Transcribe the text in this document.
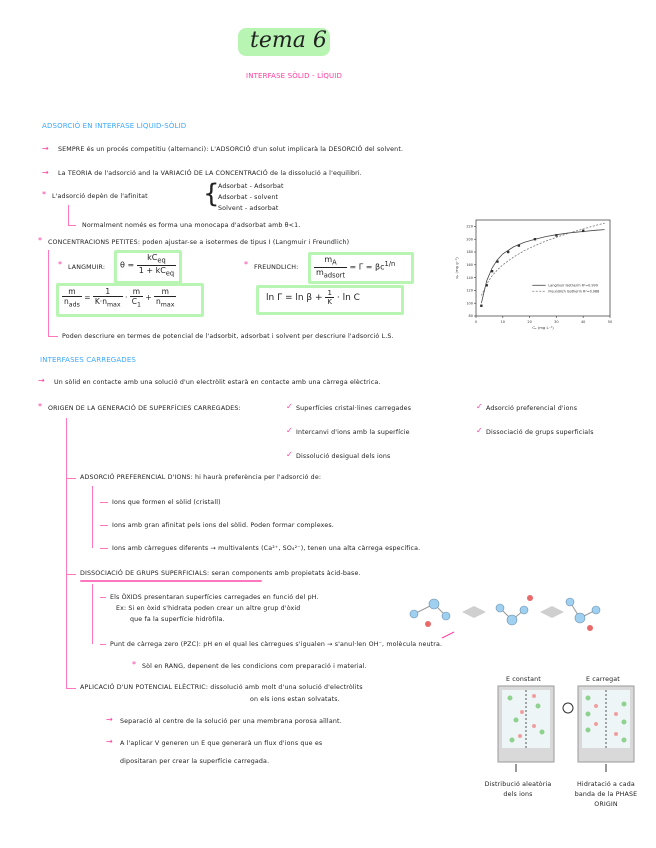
tema 6
INTERFASE SÒLID - LÍQUID
ADSORCIÓ EN INTERFASE LÍQUID-SÒLID
→ SEMPRE és un procés competitiu (alternanci): L'ADSORCIÓ d'un solut implicarà la DESORCIÓ del solvent.
→ La TEORIA de l'adsorció and la VARIACIÓ DE LA CONCENTRACIÓ de la dissolució a l'equilibri.
* L'adsorció depèn de l'afinitat {
Adsorbat - Adsorbat
Adsorbat - solvent
Solvent - adsorbat
Normalment només es forma una monocapa d'adsorbat amb θ<1.
* CONCENTRACIONS PETITES: poden ajustar-se a isotermes de tipus I (Langmuir i Freundlich)
* LANGMUIR: $\theta = \frac{kC_{eq}}{1 + kC_{eq}}$
$\frac{m}{n_{ads}} = \frac{1}{K\cdot n_{max}} \cdot \frac{m}{C_1} + \frac{m}{n_{max}}$
* FREUNDLICH: $\frac{m_A}{m_{adsort}} = \Gamma = \beta c^{1/n}$
$\ln \Gamma = \ln \beta + \frac{1}{K} \cdot \ln C$
0	10	20	30	40	50
80
100
120
140
160
180
200
220
Cₑ (mg L⁻¹)
qₑ (mg g⁻¹)
Langmuir Isotherm R²=0.999
Freundlich Isotherm R²=0.988
Poden descriure en termes de potencial de l'adsorbit, adsorbat i solvent per descriure l'adsorció L.S.
INTERFASES CARREGADES
→ Un sòlid en contacte amb una solució d'un electròlit estarà en contacte amb una càrrega elèctrica.
* ORIGEN DE LA GENERACIÓ DE SUPERFÍCIES CARREGADES:	✓ Superfícies cristal·lines carregades	✓ Adsorció preferencial d'ions
✓ Intercanvi d'ions amb la superfície	✓ Dissociació de grups superficials
✓ Dissolució desigual dels ions
ADSORCIÓ PREFERENCIAL D'IONS: hi haurà preferència per l'adsorció de:
Ions que formen el sòlid (cristall)
Ions amb gran afinitat pels ions del sòlid. Poden formar complexes.
Ions amb càrregues diferents → multivalents (Ca²⁺, SO₄²⁻), tenen una alta càrrega específica.
DISSOCIACIÓ DE GRUPS SUPERFICIALS: seran components amb propietats àcid-base.
Els ÒXIDS presentaran superfícies carregades en funció del pH.
Ex: Si en òxid s'hidrata poden crear un altre grup d'òxid
que fa la superfície hidròfila.
Punt de càrrega zero (PZC): pH en el qual les càrregues s'igualen → s'anul·len OH⁻, molècula neutra.
* Sòl en RANG, depenent de les condicions com preparació i material.
APLICACIÓ D'UN POTENCIAL ELÈCTRIC: dissolució amb molt d'una solució d'electròlits
on els ions estan solvatats.
→ Separació al centre de la solució per una membrana porosa aïllant.
→ A l'aplicar V generen un E que generarà un flux d'ions que es
dipositaran per crear la superfície carregada.
E constant	E carregat
Distribució aleatòria dels ions
Hidratació a cada banda de la PHASE ORIGIN
